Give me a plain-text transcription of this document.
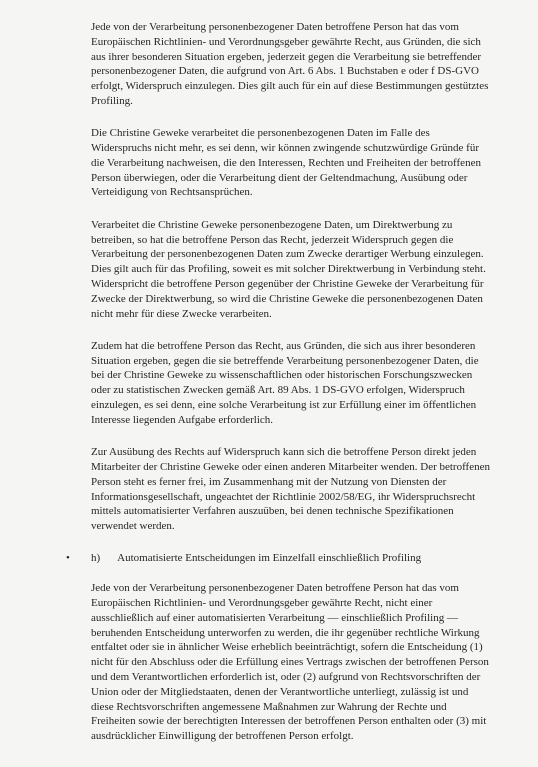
Jede von der Verarbeitung personenbezogener Daten betroffene Person hat das vom Europäischen Richtlinien- und Verordnungsgeber gewährte Recht, aus Gründen, die sich aus ihrer besonderen Situation ergeben, jederzeit gegen die Verarbeitung sie betreffender personenbezogener Daten, die aufgrund von Art. 6 Abs. 1 Buchstaben e oder f DS-GVO erfolgt, Widerspruch einzulegen. Dies gilt auch für ein auf diese Bestimmungen gestütztes Profiling.

Die Christine Geweke verarbeitet die personenbezogenen Daten im Falle des Widerspruchs nicht mehr, es sei denn, wir können zwingende schutzwürdige Gründe für die Verarbeitung nachweisen, die den Interessen, Rechten und Freiheiten der betroffenen Person überwiegen, oder die Verarbeitung dient der Geltendmachung, Ausübung oder Verteidigung von Rechtsansprüchen.

Verarbeitet die Christine Geweke personenbezogene Daten, um Direktwerbung zu betreiben, so hat die betroffene Person das Recht, jederzeit Widerspruch gegen die Verarbeitung der personenbezogenen Daten zum Zwecke derartiger Werbung einzulegen. Dies gilt auch für das Profiling, soweit es mit solcher Direktwerbung in Verbindung steht. Widerspricht die betroffene Person gegenüber der Christine Geweke der Verarbeitung für Zwecke der Direktwerbung, so wird die Christine Geweke die personenbezogenen Daten nicht mehr für diese Zwecke verarbeiten.

Zudem hat die betroffene Person das Recht, aus Gründen, die sich aus ihrer besonderen Situation ergeben, gegen die sie betreffende Verarbeitung personenbezogener Daten, die bei der Christine Geweke zu wissenschaftlichen oder historischen Forschungszwecken oder zu statistischen Zwecken gemäß Art. 89 Abs. 1 DS-GVO erfolgen, Widerspruch einzulegen, es sei denn, eine solche Verarbeitung ist zur Erfüllung einer im öffentlichen Interesse liegenden Aufgabe erforderlich.

Zur Ausübung des Rechts auf Widerspruch kann sich die betroffene Person direkt jeden Mitarbeiter der Christine Geweke oder einen anderen Mitarbeiter wenden. Der betroffenen Person steht es ferner frei, im Zusammenhang mit der Nutzung von Diensten der Informationsgesellschaft, ungeachtet der Richtlinie 2002/58/EG, ihr Widerspruchsrecht mittels automatisierter Verfahren auszuüben, bei denen technische Spezifikationen verwendet werden.

• h) Automatisierte Entscheidungen im Einzelfall einschließlich Profiling

Jede von der Verarbeitung personenbezogener Daten betroffene Person hat das vom Europäischen Richtlinien- und Verordnungsgeber gewährte Recht, nicht einer ausschließlich auf einer automatisierten Verarbeitung — einschließlich Profiling — beruhenden Entscheidung unterworfen zu werden, die ihr gegenüber rechtliche Wirkung entfaltet oder sie in ähnlicher Weise erheblich beeinträchtigt, sofern die Entscheidung (1) nicht für den Abschluss oder die Erfüllung eines Vertrags zwischen der betroffenen Person und dem Verantwortlichen erforderlich ist, oder (2) aufgrund von Rechtsvorschriften der Union oder der Mitgliedstaaten, denen der Verantwortliche unterliegt, zulässig ist und diese Rechtsvorschriften angemessene Maßnahmen zur Wahrung der Rechte und Freiheiten sowie der berechtigten Interessen der betroffenen Person enthalten oder (3) mit ausdrücklicher Einwilligung der betroffenen Person erfolgt.
